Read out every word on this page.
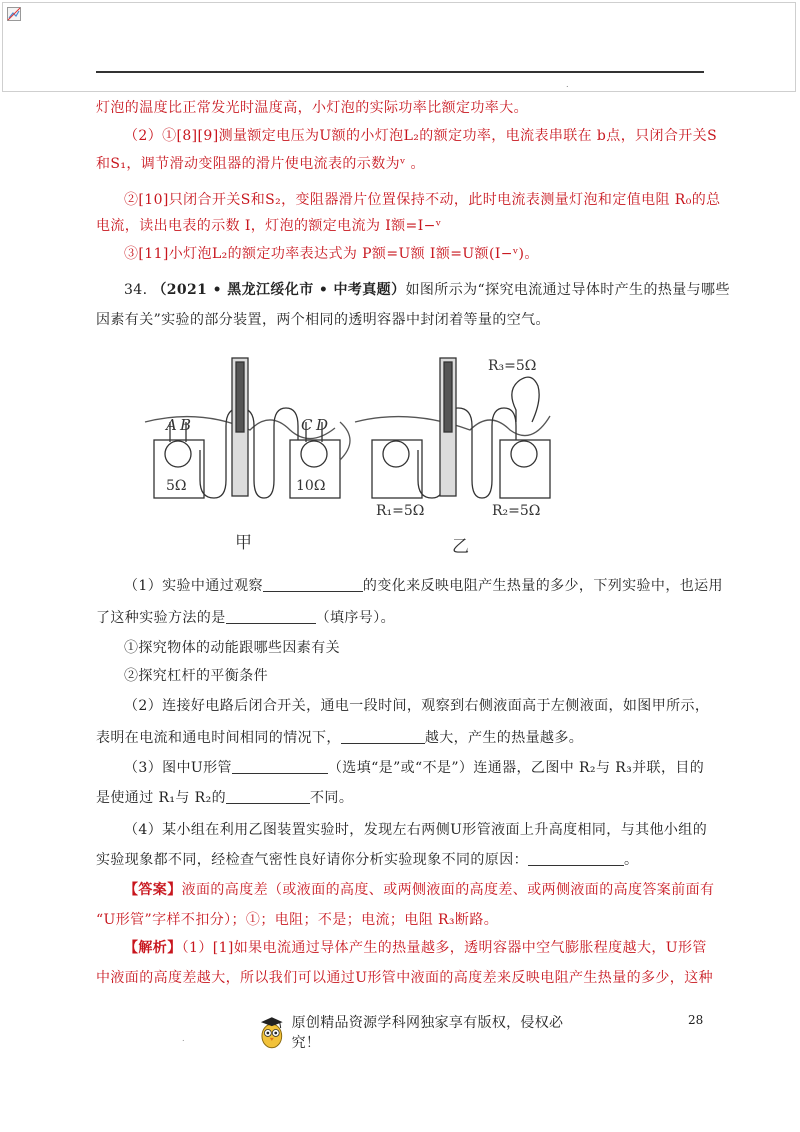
.
灯泡的温度比正常发光时温度高，小灯泡的实际功率比额定功率大。
（2）①[8][9]测量额定电压为U额的小灯泡L₂的额定功率，电流表串联在 b点，只闭合开关S
和S₁，调节滑动变阻器的滑片使电流表的示数为ᵛ 。
②[10]只闭合开关S和S₂，变阻器滑片位置保持不动，此时电流表测量灯泡和定值电阻 R₀的总
电流，读出电表的示数 I，灯泡的额定电流为 I额=I−ᵛ
③[11]小灯泡L₂的额定功率表达式为 P额=U额 I额=U额(I−ᵛ)。
34. （2021 • 黑龙江绥化市 • 中考真题）如图所示为“探究电流通过导体时产生的热量与哪些
因素有关”实验的部分装置，两个相同的透明容器中封闭着等量的空气。
A B	C D
5Ω	10Ω
R₃=5Ω
R₁=5Ω	R₂=5Ω
甲	乙
（1）实验中通过观察	的变化来反映电阻产生热量的多少，下列实验中，也运用
了这种实验方法的是	（填序号）。
①探究物体的动能跟哪些因素有关
②探究杠杆的平衡条件
（2）连接好电路后闭合开关，通电一段时间，观察到右侧液面高于左侧液面，如图甲所示，
表明在电流和通电时间相同的情况下，	越大，产生的热量越多。
（3）图中U形管	（选填“是”或“不是”）连通器，乙图中 R₂与 R₃并联，目的
是使通过 R₁与 R₂的	不同。
（4）某小组在利用乙图装置实验时，发现左右两侧U形管液面上升高度相同，与其他小组的
实验现象都不同，经检查气密性良好请你分析实验现象不同的原因：	。
【答案】液面的高度差（或液面的高度、或两侧液面的高度差、或两侧液面的高度答案前面有
“U形管”字样不扣分）；①；电阻；不是；电流；电阻 R₃断路。
【解析】（1）[1]如果电流通过导体产生的热量越多，透明容器中空气膨胀程度越大，U形管
中液面的高度差越大，所以我们可以通过U形管中液面的高度差来反映电阻产生热量的多少，这种
28
.
原创精品资源学科网独家享有版权，侵权必究！
